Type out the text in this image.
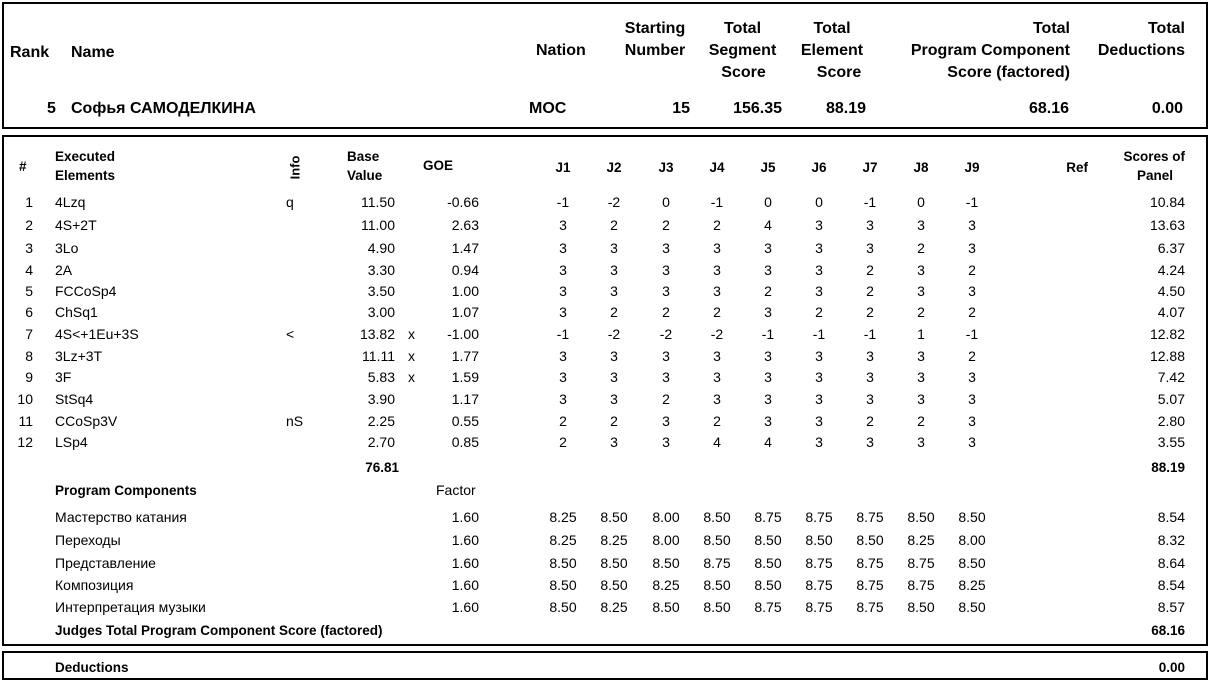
Rank Name	Nation
Starting
Number
Total
Segment
Score
Total
Element
Score
Total
Program Component
Score (factored)
Total
Deductions
5 Софья САМОДЕЛКИНА	MOC	15	156.35	88.19	68.16	0.00
#
Executed
Elements	Info	Base
Value
GOE	Ref
Scores of
Panel
J1	J2	J3	J4	J5	J6	J7	J8	J9
1 4Lzq	q	11.50	-0.66	-1	-2	0	-1	0	0	-1	0	-1	10.84
2 4S+2T	11.00	2.63	3	2	2	2	4	3	3	3	3	13.63
3 3Lo	4.90	1.47	3	3	3	3	3	3	3	2	3	6.37
4 2A	3.30	0.94	3	3	3	3	3	3	2	3	2	4.24
5 FCCoSp4	3.50	1.00	3	3	3	3	2	3	2	3	3	4.50
6 ChSq1	3.00	1.07	3	2	2	2	3	2	2	2	2	4.07
7 4S<+1Eu+3S	<	13.82 x	-1.00	-1	-2	-2	-2	-1	-1	-1	1	-1	12.82
8 3Lz+3T	11.11 x	1.77	3	3	3	3	3	3	3	3	2	12.88
9 3F	5.83 x	1.59	3	3	3	3	3	3	3	3	3	7.42
10 StSq4	3.90	1.17	3	3	2	3	3	3	3	3	3	5.07
11 CCoSp3V	nS	2.25	0.55	2	2	3	2	3	3	2	2	3	2.80
12 LSp4	2.70	0.85	2	3	3	4	4	3	3	3	3	3.55
76.81	88.19
Program Components	Factor
Мастерство катания	1.60	8.25	8.50	8.00	8.50	8.75	8.75	8.75	8.50	8.50	8.54
Переходы	1.60	8.25	8.25	8.00	8.50	8.50	8.50	8.50	8.25	8.00	8.32
Представление	1.60	8.50	8.50	8.50	8.75	8.50	8.75	8.75	8.75	8.50	8.64
Композиция	1.60	8.50	8.50	8.25	8.50	8.50	8.75	8.75	8.75	8.25	8.54
Интерпретация музыки	1.60	8.50	8.25	8.50	8.50	8.75	8.75	8.75	8.50	8.50	8.57
Judges Total Program Component Score (factored)	68.16
Deductions	0.00
